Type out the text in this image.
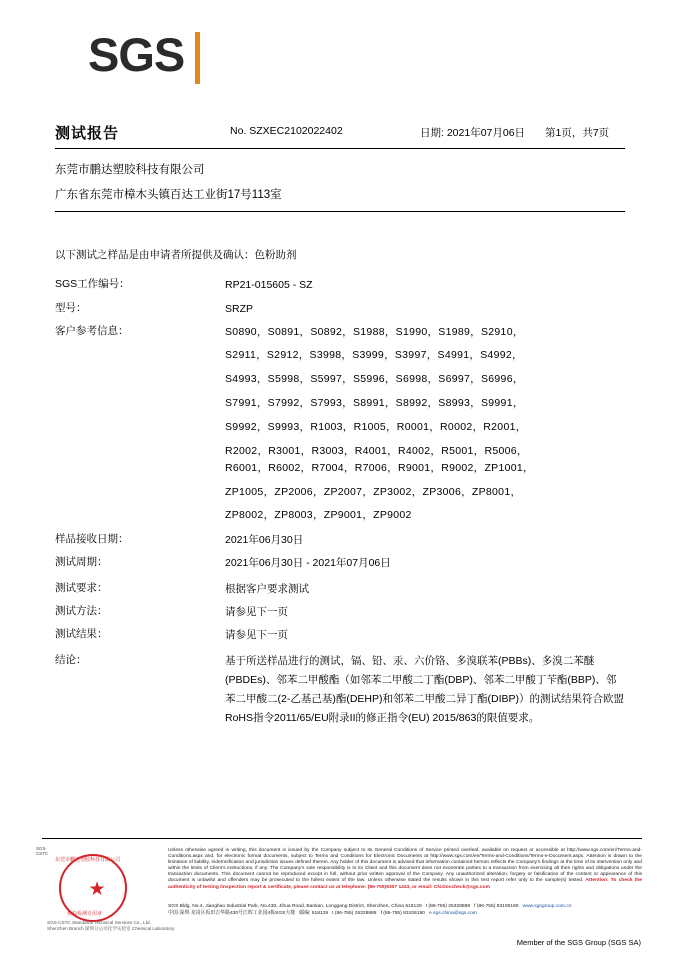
SGS
测试报告	No. SZXEC2102022402	日期: 2021年07月06日 第1页，共7页
东莞市鹏达塑胶科技有限公司
广东省东莞市樟木头镇百达工业街17号113室
以下测试之样品是由申请者所提供及确认：色粉助剂
SGS工作编号：	RP21-015605 - SZ
型号：	SRZP
客户参考信息：	S0890，S0891，S0892，S1988，S1990，S1989，S2910，
S2911，S2912，S3998，S3999，S3997，S4991，S4992，
S4993，S5998，S5997，S5996，S6998，S6997，S6996，
S7991，S7992，S7993，S8991，S8992，S8993，S9991，
S9992，S9993，R1003，R1005，R0001，R0002，R2001，
R2002，R3001，R3003，R4001，R4002，R5001，R5006，
R6001，R6002，R7004，R7006，R9001，R9002，ZP1001，
ZP1005，ZP2006，ZP2007，ZP3002，ZP3006，ZP8001，
ZP8002，ZP8003，ZP9001，ZP9002
样品接收日期：	2021年06月30日
测试周期：	2021年06月30日 - 2021年07月06日
测试要求：	根据客户要求测试
测试方法：	请参见下一页
测试结果：	请参见下一页
结论：	基于所送样品进行的测试，镉、铅、汞、六价铬、多溴联苯(PBBs)、多溴二苯醚(PBDEs)、邻苯二甲酸酯（如邻苯二甲酸二丁酯(DBP)、邻苯二甲酸丁苄酯(BBP)、邻苯二甲酸二(2-乙基己基)酯(DEHP)和邻苯二甲酸二异丁酯(DIBP)）的测试结果符合欧盟RoHS指令2011/65/EU附录II的修正指令(EU) 2015/863的限值要求。
SGS-CSTC
东莞市鹏达塑胶科技有限公司
检验检测专用章
★
SGS-CSTC Standards Technical Services Co., Ltd.
Shenzhen Branch 深圳分公司化学实验室 Chemical Laboratory
Unless otherwise agreed in writing, this document is issued by the Company subject to its General Conditions of Service printed overleaf, available on request or accessible at http://www.sgs.com/en/Terms-and-Conditions.aspx and, for electronic format documents, subject to Terms and Conditions for Electronic Documents at http://www.sgs.com/en/Terms-and-Conditions/Terms-e-Document.aspx. Attention is drawn to the limitation of liability, indemnification and jurisdiction issues defined therein. Any holder of this document is advised that information contained hereon reflects the Company's findings at the time of its intervention only and within the limits of Client's instructions, if any. The Company's sole responsibility is to its Client and this document does not exonerate parties to a transaction from exercising all their rights and obligations under the transaction documents. This document cannot be reproduced except in full, without prior written approval of the Company. Any unauthorized alteration, forgery or falsification of the content or appearance of this document is unlawful and offenders may be prosecuted to the fullest extent of the law. Unless otherwise stated the results shown in this test report refer only to the sample(s) tested. Attention: To check the authenticity of testing /inspection report & certificate, please contact us at telephone: (86-755)8307 1443, or email: CN.Doccheck@sgs.com
SGS Bldg, No.4, Jianghao Industrial Park, No.430, Jihua Road, Bantian, Longgang District, Shenzhen, China 518129 t (86-755) 25328888 f (86-755) 83106190 www.sgsgroup.com.cn
中国·深圳·龙岗区坂田吉华路430号江晖工业园4栋SGS大楼 邮编: 518129 t (86-755) 25328888 f (86-755) 83106190 e sgs.china@sgs.com
Member of the SGS Group (SGS SA)
